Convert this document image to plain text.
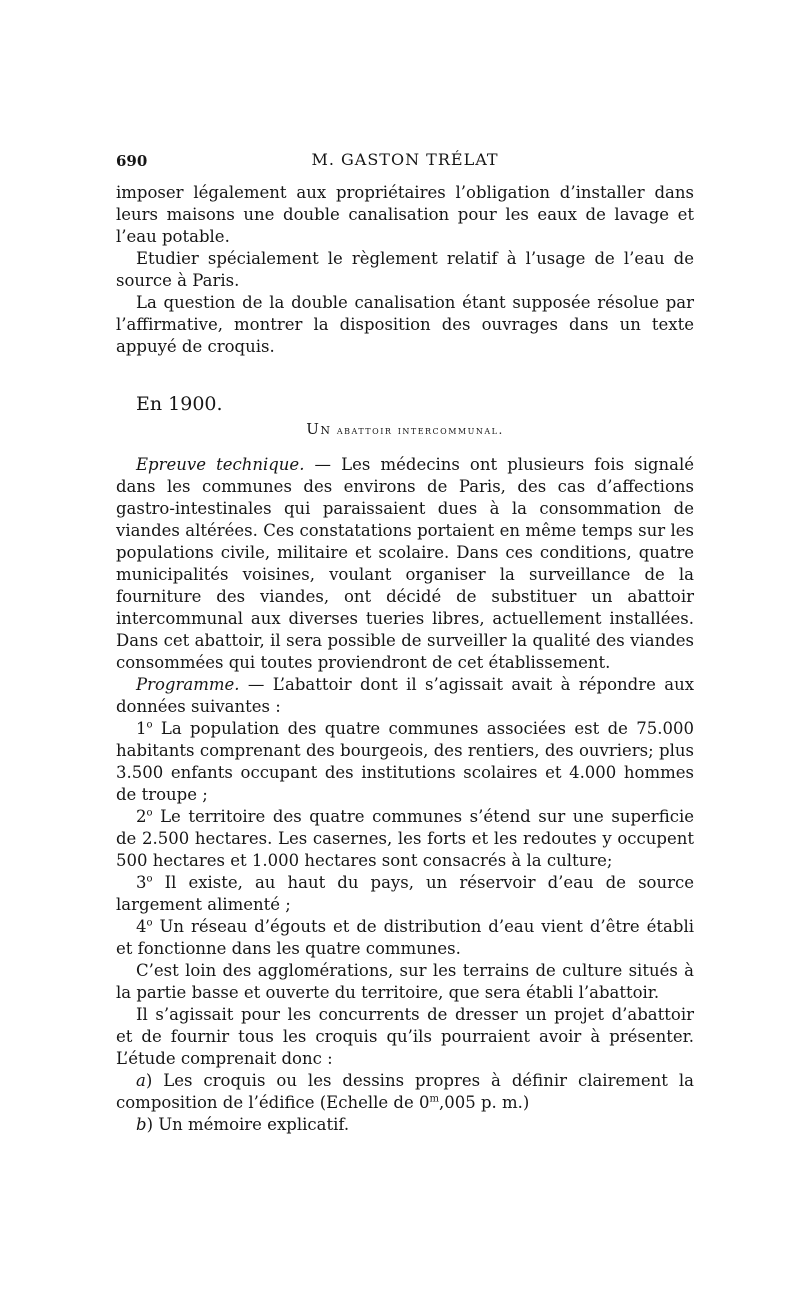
690	M. GASTON TRÉLAT

imposer légalement aux propriétaires l’obligation d’installer dans leurs maisons une double canalisation pour les eaux de lavage et l’eau potable.

Etudier spécialement le règlement relatif à l’usage de l’eau de source à Paris.

La question de la double canalisation étant supposée résolue par l’affirmative, montrer la disposition des ouvrages dans un texte appuyé de croquis.

En 1900.
Un abattoir intercommunal.

Epreuve technique. — Les médecins ont plusieurs fois signalé dans les communes des environs de Paris, des cas d’affections gastro-intestinales qui paraissaient dues à la consommation de viandes altérées. Ces constatations portaient en même temps sur les populations civile, militaire et scolaire. Dans ces conditions, quatre municipalités voisines, voulant organiser la surveillance de la fourniture des viandes, ont décidé de substituer un abattoir intercommunal aux diverses tueries libres, actuellement installées. Dans cet abattoir, il sera possible de surveiller la qualité des viandes consommées qui toutes proviendront de cet établissement.

Programme. — L’abattoir dont il s’agissait avait à répondre aux données suivantes :

1$^o$ La population des quatre communes associées est de 75.000 habitants comprenant des bourgeois, des rentiers, des ouvriers; plus 3.500 enfants occupant des institutions scolaires et 4.000 hommes de troupe ;

2$^o$ Le territoire des quatre communes s’étend sur une superficie de 2.500 hectares. Les casernes, les forts et les redoutes y occupent 500 hectares et 1.000 hectares sont consacrés à la culture;

3$^o$ Il existe, au haut du pays, un réservoir d’eau de source largement alimenté ;

4$^o$ Un réseau d’égouts et de distribution d’eau vient d’être établi et fonctionne dans les quatre communes.

C’est loin des agglomérations, sur les terrains de culture situés à la partie basse et ouverte du territoire, que sera établi l’abattoir.

Il s’agissait pour les concurrents de dresser un projet d’abattoir et de fournir tous les croquis qu’ils pourraient avoir à présenter. L’étude comprenait donc :

a) Les croquis ou les dessins propres à définir clairement la composition de l’édifice (Echelle de 0$^m$,005 p. m.)

b) Un mémoire explicatif.
